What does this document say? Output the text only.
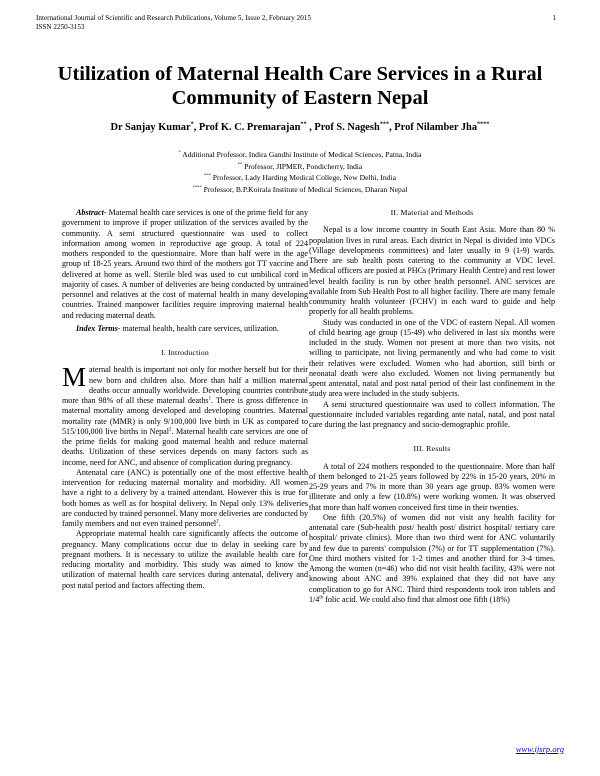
International Journal of Scientific and Research Publications, Volume 5, Issue 2, February 2015
ISSN 2250-3153
1
Utilization of Maternal Health Care Services in a Rural Community of Eastern Nepal
Dr Sanjay Kumar*, Prof K. C. Premarajan** , Prof S. Nagesh***, Prof Nilamber Jha****
* Additional Professor, Indira Gandhi Institute of Medical Sciences, Patna, India
** Professor, JIPMER, Pondicherry, India
*** Professor, Lady Harding Medical College, New Delhi, India
**** Professor, B.P.Koirala Institute of Medical Sciences, Dharan Nepal

Abstract- Maternal health care services is one of the prime field for any government to improve if proper utilization of the services availed by the community. A semi structured questionnaire was used to collect information among women in reproductive age group. A total of 224 mothers responded to the questionnaire. More than half were in the age group of 18-25 years. Around two third of the mothers got TT vaccine and delivered at home as well. Sterile bled was used to cut umbilical cord in majority of cases. A number of deliveries are being conducted by untrained personnel and relatives at the cost of maternal health in many developing countries. Trained manpower facilities require improving maternal health and reducing maternal death.

Index Terms- maternal health, health care services, utilization.

I. Introduction

Maternal health is important not only for mother herself but for their new born and children also. More than half a million maternal deaths occur annually worldwide. Developing countries contribute more than 98% of all these maternal deaths$^1$. There is gross difference in maternal mortality among developed and developing countries. Maternal mortality rate (MMR) is only 9/100,000 live birth in UK as compared to 515/100,000 live births in Nepal$^2$. Maternal health care services are one of the prime fields for making good maternal health and reduce maternal deaths. Utilization of these services depends on many factors such as income, need for ANC, and absence of complication during pregnancy.

Antenatal care (ANC) is potentially one of the most effective health intervention for reducing maternal mortality and morbidity. All women have a right to a delivery by a trained attendant. However this is true for both homes as well as for hospital delivery. In Nepal only 13% deliveries are conducted by trained personnel. Many more deliveries are conducted by family members and not even trained personnel$^2$.

Appropriate maternal health care significantly affects the outcome of pregnancy. Many complications occur due to delay in seeking care by pregnant mothers. It is necessary to utilize the available health care for reducing mortality and morbidity. This study was aimed to know the utilization of maternal health care services during antenatal, delivery and post natal period and factors affecting them.

II. Material and Methods

Nepal is a low income country in South East Asia. More than 80 % population lives in rural areas. Each district in Nepal is divided into VDCs (Village developments committees) and later usually in 9 (1-9) wards. There are sub health posts catering to the community at VDC level. Medical officers are posied at PHCs (Primary Health Centre) and rest lower level health facility is run by other health personnel. ANC services are available from Sub Health Post to all higher facility. There are many female community health volunteer (FCHV) in each ward to guide and help properly for all health problems.

Study was conducted in one of the VDC of eastern Nepal. All women of child bearing age group (15-49) who delivered in last six months were included in the study. Women not present at more than two visits, not willing to participate, not living permanently and who had come to visit their relatives were excluded. Women who had abortion, still birth or neonatal death were also excluded. Women not living permanently but spent antenatal, natal and post natal period of their last confinement in the study area were included in the study subjects.

A semi structured questionnaire was used to collect information. The questionnaire included variables regarding ante natal, natal, and post natal care during the last pregnancy and socio-demographic profile.

III. Results

A total of 224 mothers responded to the questionnaire. More than half of them belonged to 21-25 years followed by 22% in 15-20 years, 20% in 25-29 years and 7% in more than 30 years age group. 83% women were illiterate and only a few (10.8%) were working women. It was observed that more than half women conceived first time in their twenties.

One fifth (20.5%) of women did not visit any health facility for antenatal care (Sub-health post/ health post/ district hospital/ tertiary care hospital/ private clinics). More than two third went for ANC voluntarily and few due to parents' compulsion (7%) or for TT supplementation (7%). One third mothers visited for 1-2 times and another third for 3-4 times. Among the women (n=46) who did not visit health facility, 43% were not knowing about ANC and 39% explained that they did not have any complication to go for ANC. Third third respondents took iron tablets and 1/4th folic acid. We could also find that almost one fifth (18%)

www.ijsrp.org
